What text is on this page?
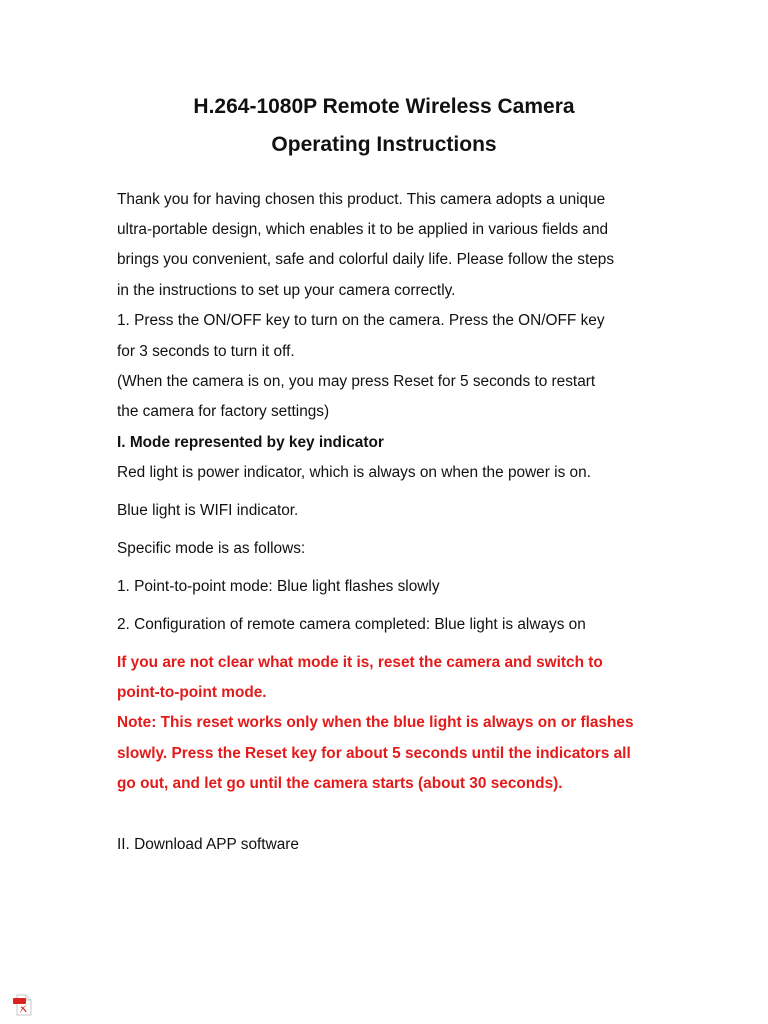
H.264-1080P Remote Wireless Camera
Operating Instructions
Thank you for having chosen this product. This camera adopts a unique
ultra-portable design, which enables it to be applied in various fields and
brings you convenient, safe and colorful daily life. Please follow the steps
in the instructions to set up your camera correctly.
1. Press the ON/OFF key to turn on the camera. Press the ON/OFF key
for 3 seconds to turn it off.
(When the camera is on, you may press Reset for 5 seconds to restart
the camera for factory settings)
I. Mode represented by key indicator
Red light is power indicator, which is always on when the power is on.
Blue light is WIFI indicator.
Specific mode is as follows:
1. Point-to-point mode: Blue light flashes slowly
2. Configuration of remote camera completed: Blue light is always on
If you are not clear what mode it is, reset the camera and switch to
point-to-point mode.
Note: This reset works only when the blue light is always on or flashes
slowly. Press the Reset key for about 5 seconds until the indicators all
go out, and let go until the camera starts (about 30 seconds).
II. Download APP software
